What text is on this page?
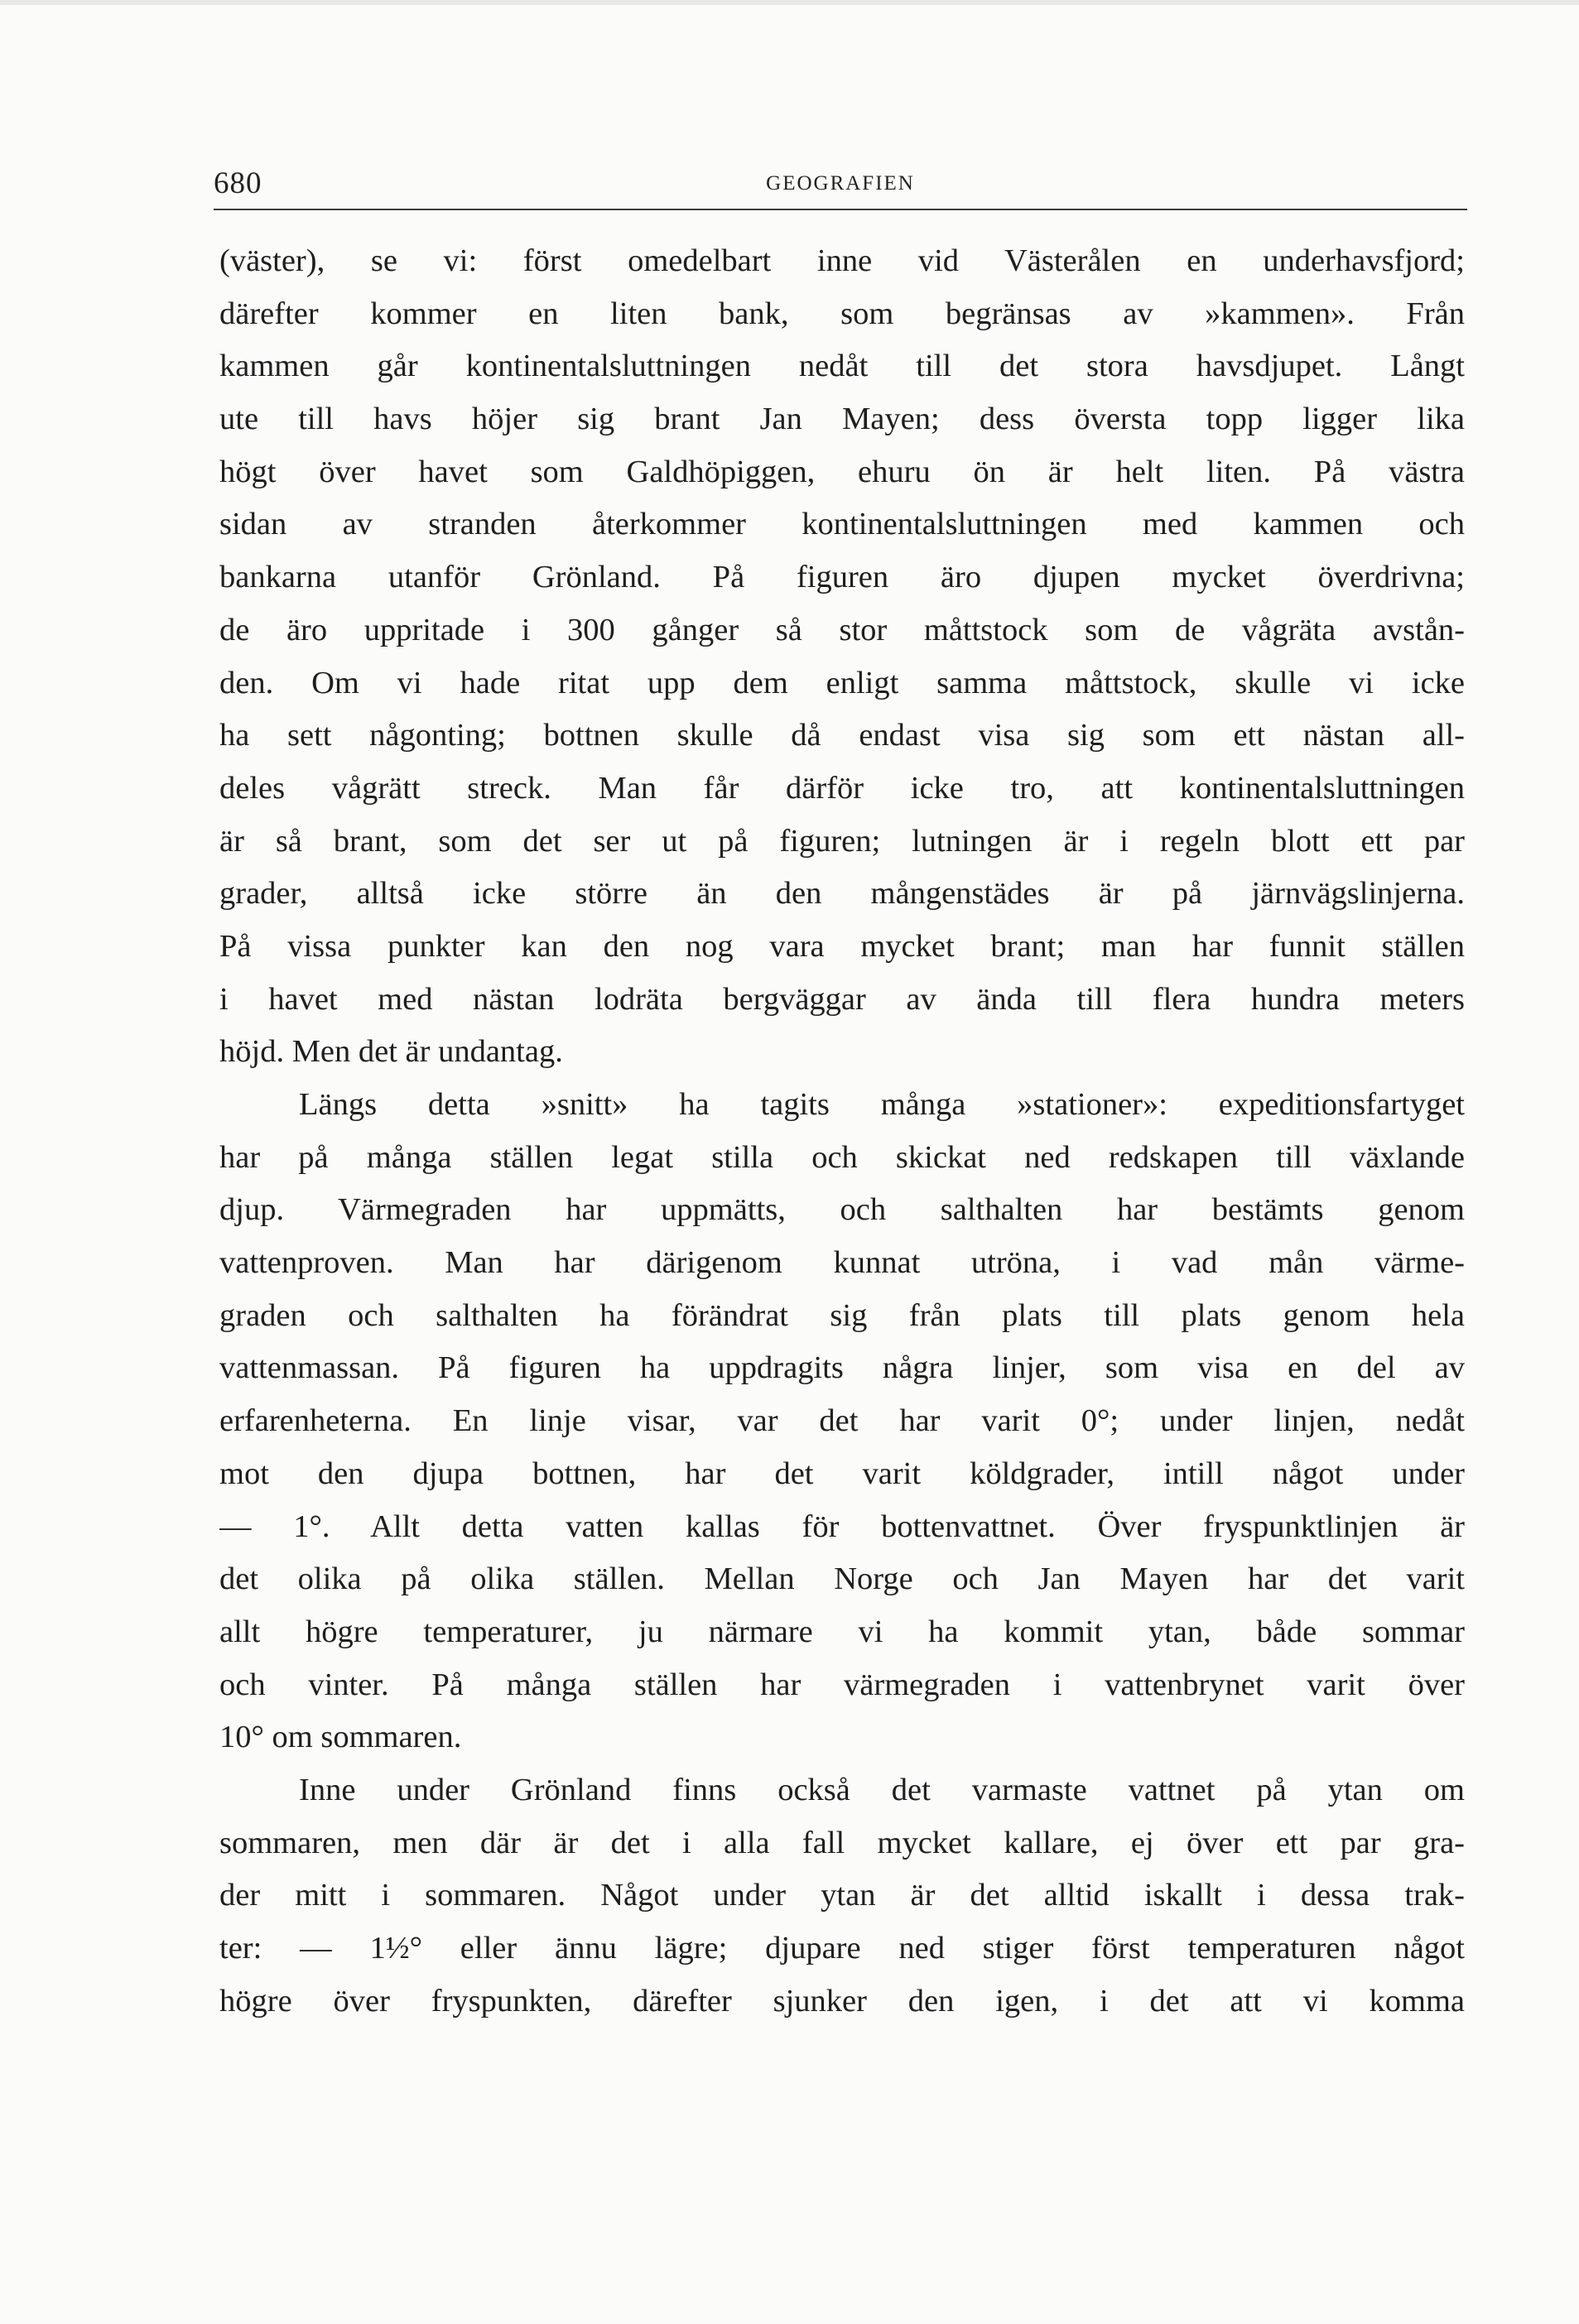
680	GEOGRAFIEN
(väster), se vi: först omedelbart inne vid Västerålen en underhavsfjord;
därefter kommer en liten bank, som begränsas av »kammen». Från
kammen går kontinentalsluttningen nedåt till det stora havsdjupet. Långt
ute till havs höjer sig brant Jan Mayen; dess översta topp ligger lika
högt över havet som Galdhöpiggen, ehuru ön är helt liten. På västra
sidan av stranden återkommer kontinentalsluttningen med kammen och
bankarna utanför Grönland. På figuren äro djupen mycket överdrivna;
de äro uppritade i 300 gånger så stor måttstock som de vågräta avstån-
den. Om vi hade ritat upp dem enligt samma måttstock, skulle vi icke
ha sett någonting; bottnen skulle då endast visa sig som ett nästan all-
deles vågrätt streck. Man får därför icke tro, att kontinentalsluttningen
är så brant, som det ser ut på figuren; lutningen är i regeln blott ett par
grader, alltså icke större än den mångenstädes är på järnvägslinjerna.
På vissa punkter kan den nog vara mycket brant; man har funnit ställen
i havet med nästan lodräta bergväggar av ända till flera hundra meters
höjd. Men det är undantag.
Längs detta »snitt» ha tagits många »stationer»: expeditionsfartyget
har på många ställen legat stilla och skickat ned redskapen till växlande
djup. Värmegraden har uppmätts, och salthalten har bestämts genom
vattenproven. Man har därigenom kunnat utröna, i vad mån värme-
graden och salthalten ha förändrat sig från plats till plats genom hela
vattenmassan. På figuren ha uppdragits några linjer, som visa en del av
erfarenheterna. En linje visar, var det har varit 0°; under linjen, nedåt
mot den djupa bottnen, har det varit köldgrader, intill något under
— 1°. Allt detta vatten kallas för bottenvattnet. Över fryspunktlinjen är
det olika på olika ställen. Mellan Norge och Jan Mayen har det varit
allt högre temperaturer, ju närmare vi ha kommit ytan, både sommar
och vinter. På många ställen har värmegraden i vattenbrynet varit över
10° om sommaren.
Inne under Grönland finns också det varmaste vattnet på ytan om
sommaren, men där är det i alla fall mycket kallare, ej över ett par gra-
der mitt i sommaren. Något under ytan är det alltid iskallt i dessa trak-
ter: — 1½° eller ännu lägre; djupare ned stiger först temperaturen något
högre över fryspunkten, därefter sjunker den igen, i det att vi komma
